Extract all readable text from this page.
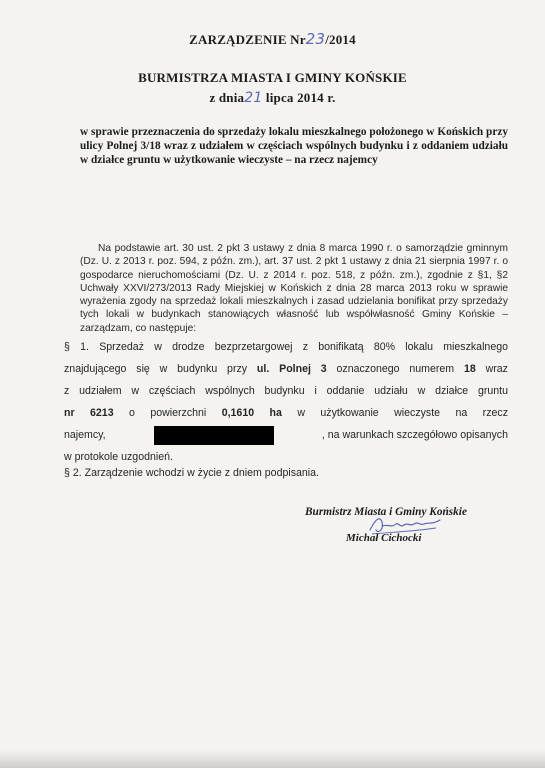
ZARZĄDZENIE Nr23/2014
BURMISTRZA MIASTA I GMINY KOŃSKIE
z dnia21 lipca 2014 r.
w sprawie przeznaczenia do sprzedaży lokalu mieszkalnego położonego w Końskich przy ulicy Polnej 3/18 wraz z udziałem w częściach wspólnych budynku i z oddaniem udziału w działce gruntu w użytkowanie wieczyste – na rzecz najemcy

Na podstawie art. 30 ust. 2 pkt 3 ustawy z dnia 8 marca 1990 r. o samorządzie gminnym (Dz. U. z 2013 r. poz. 594, z późn. zm.), art. 37 ust. 2 pkt 1 ustawy z dnia 21 sierpnia 1997 r. o gospodarce nieruchomościami (Dz. U. z 2014 r. poz. 518, z późn. zm.), zgodnie z §1, §2 Uchwały XXVI/273/2013 Rady Miejskiej w Końskich z dnia 28 marca 2013 roku w sprawie wyrażenia zgody na sprzedaż lokali mieszkalnych i zasad udzielania bonifikat przy sprzedaży tych lokali w budynkach stanowiących własność lub współwłasność Gminy Końskie – zarządzam, co następuje:

§ 1. Sprzedaż w drodze bezprzetargowej z bonifikatą 80% lokalu mieszkalnego

znajdującego się w budynku przy ul. Polnej 3 oznaczonego numerem 18 wraz

z udziałem w częściach wspólnych budynku i oddanie udziału w działce gruntu

nr 6213 o powierzchni 0,1610 ha w użytkowanie wieczyste na rzecz

najemcy,	, na warunkach szczegółowo opisanych

w protokole uzgodnień.

§ 2. Zarządzenie wchodzi w życie z dniem podpisania.

Burmistrz Miasta i Gminy Końskie
Michał Cichocki
